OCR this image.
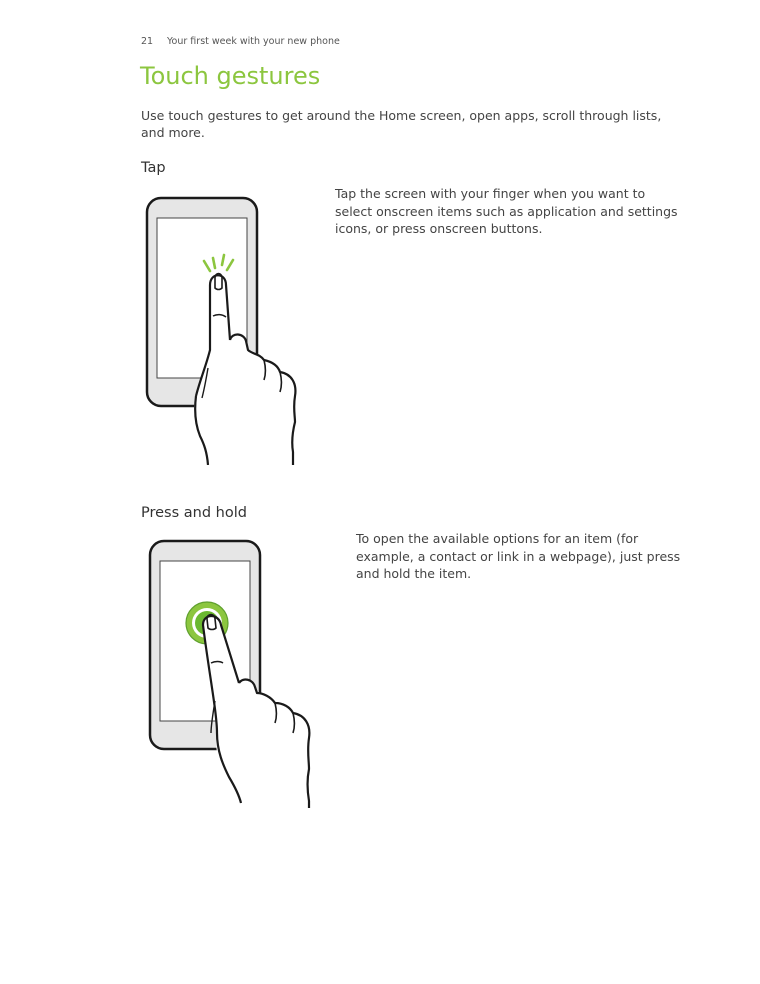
21 Your first week with your new phone
Touch gestures

Use touch gestures to get around the Home screen, open apps, scroll through lists, and more.

Tap

Tap the screen with your finger when you want to select onscreen items such as application and settings icons, or press onscreen buttons.

Press and hold

To open the available options for an item (for example, a contact or link in a webpage), just press and hold the item.
